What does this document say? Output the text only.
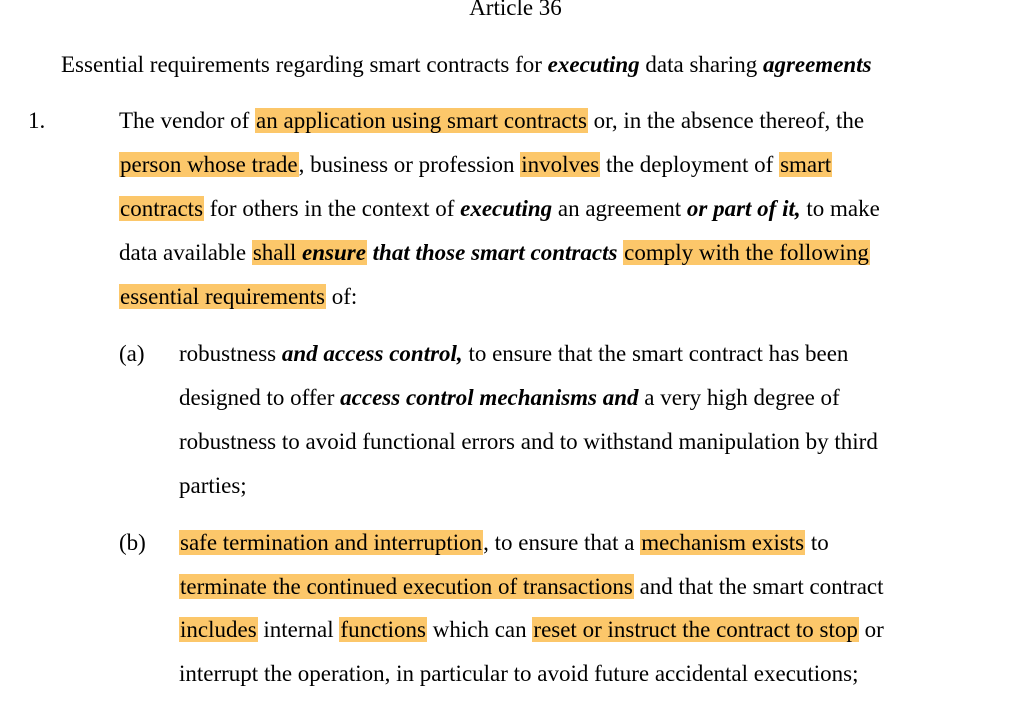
Article 36
Essential requirements regarding smart contracts for executing data sharing agreements
1.	The vendor of an application using smart contracts or, in the absence thereof, the
person whose trade, business or profession involves the deployment of smart
contracts for others in the context of executing an agreement or part of it, to make
data available shall ensure that those smart contracts comply with the following
essential requirements of:
(a) robustness and access control, to ensure that the smart contract has been
designed to offer access control mechanisms and a very high degree of
robustness to avoid functional errors and to withstand manipulation by third
parties;
(b) safe termination and interruption, to ensure that a mechanism exists to
terminate the continued execution of transactions and that the smart contract
includes internal functions which can reset or instruct the contract to stop or
interrupt the operation, in particular to avoid future accidental executions;
